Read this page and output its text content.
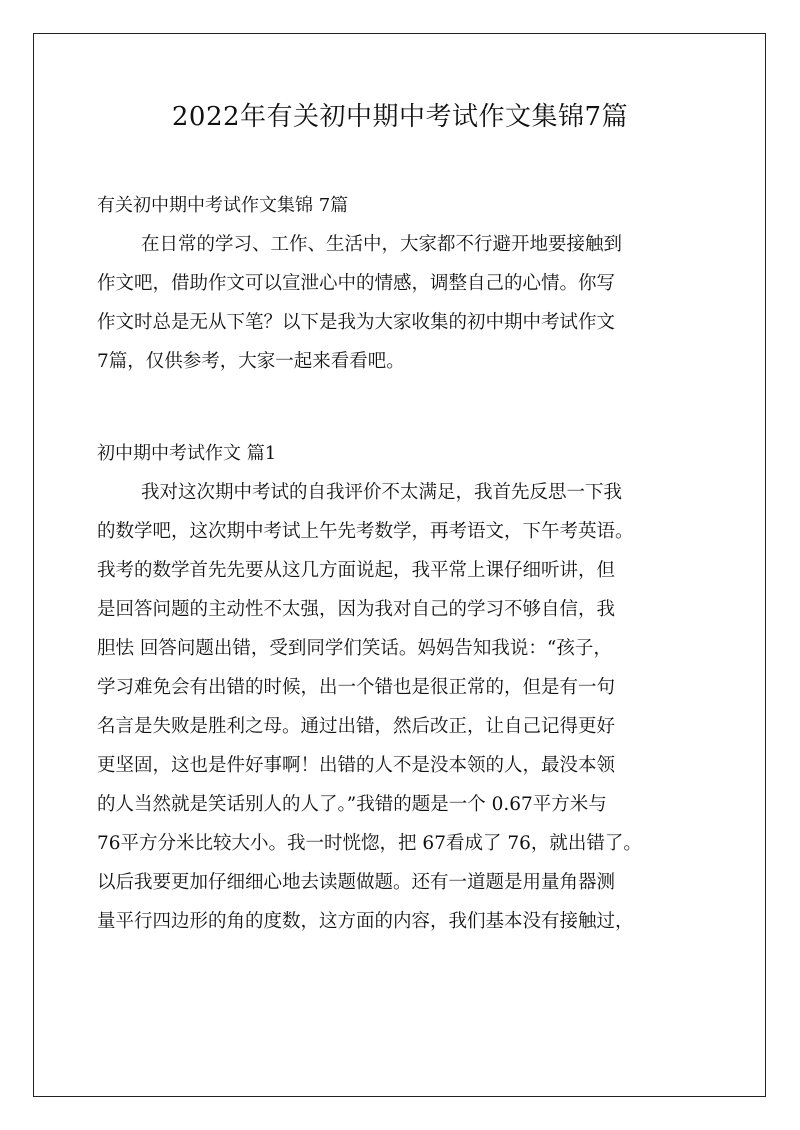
2022年有关初中期中考试作文集锦7篇
有关初中期中考试作文集锦 7篇
在日常的学习、工作、生活中，大家都不行避开地要接触到
作文吧，借助作文可以宣泄心中的情感，调整自己的心情。你写
作文时总是无从下笔？以下是我为大家收集的初中期中考试作文
7篇，仅供参考，大家一起来看看吧。
初中期中考试作文 篇1
我对这次期中考试的自我评价不太满足，我首先反思一下我
的数学吧，这次期中考试上午先考数学，再考语文，下午考英语。
我考的数学首先先要从这几方面说起，我平常上课仔细听讲，但
是回答问题的主动性不太强，因为我对自己的学习不够自信，我
胆怯 回答问题出错，受到同学们笑话。妈妈告知我说：“孩子，
学习难免会有出错的时候，出一个错也是很正常的，但是有一句
名言是失败是胜利之母。通过出错，然后改正，让自己记得更好
更坚固，这也是件好事啊！出错的人不是没本领的人，最没本领
的人当然就是笑话别人的人了。”我错的题是一个 0.67平方米与
76平方分米比较大小。我一时恍惚，把 67看成了 76，就出错了。
以后我要更加仔细细心地去读题做题。还有一道题是用量角器测
量平行四边形的角的度数，这方面的内容，我们基本没有接触过，
